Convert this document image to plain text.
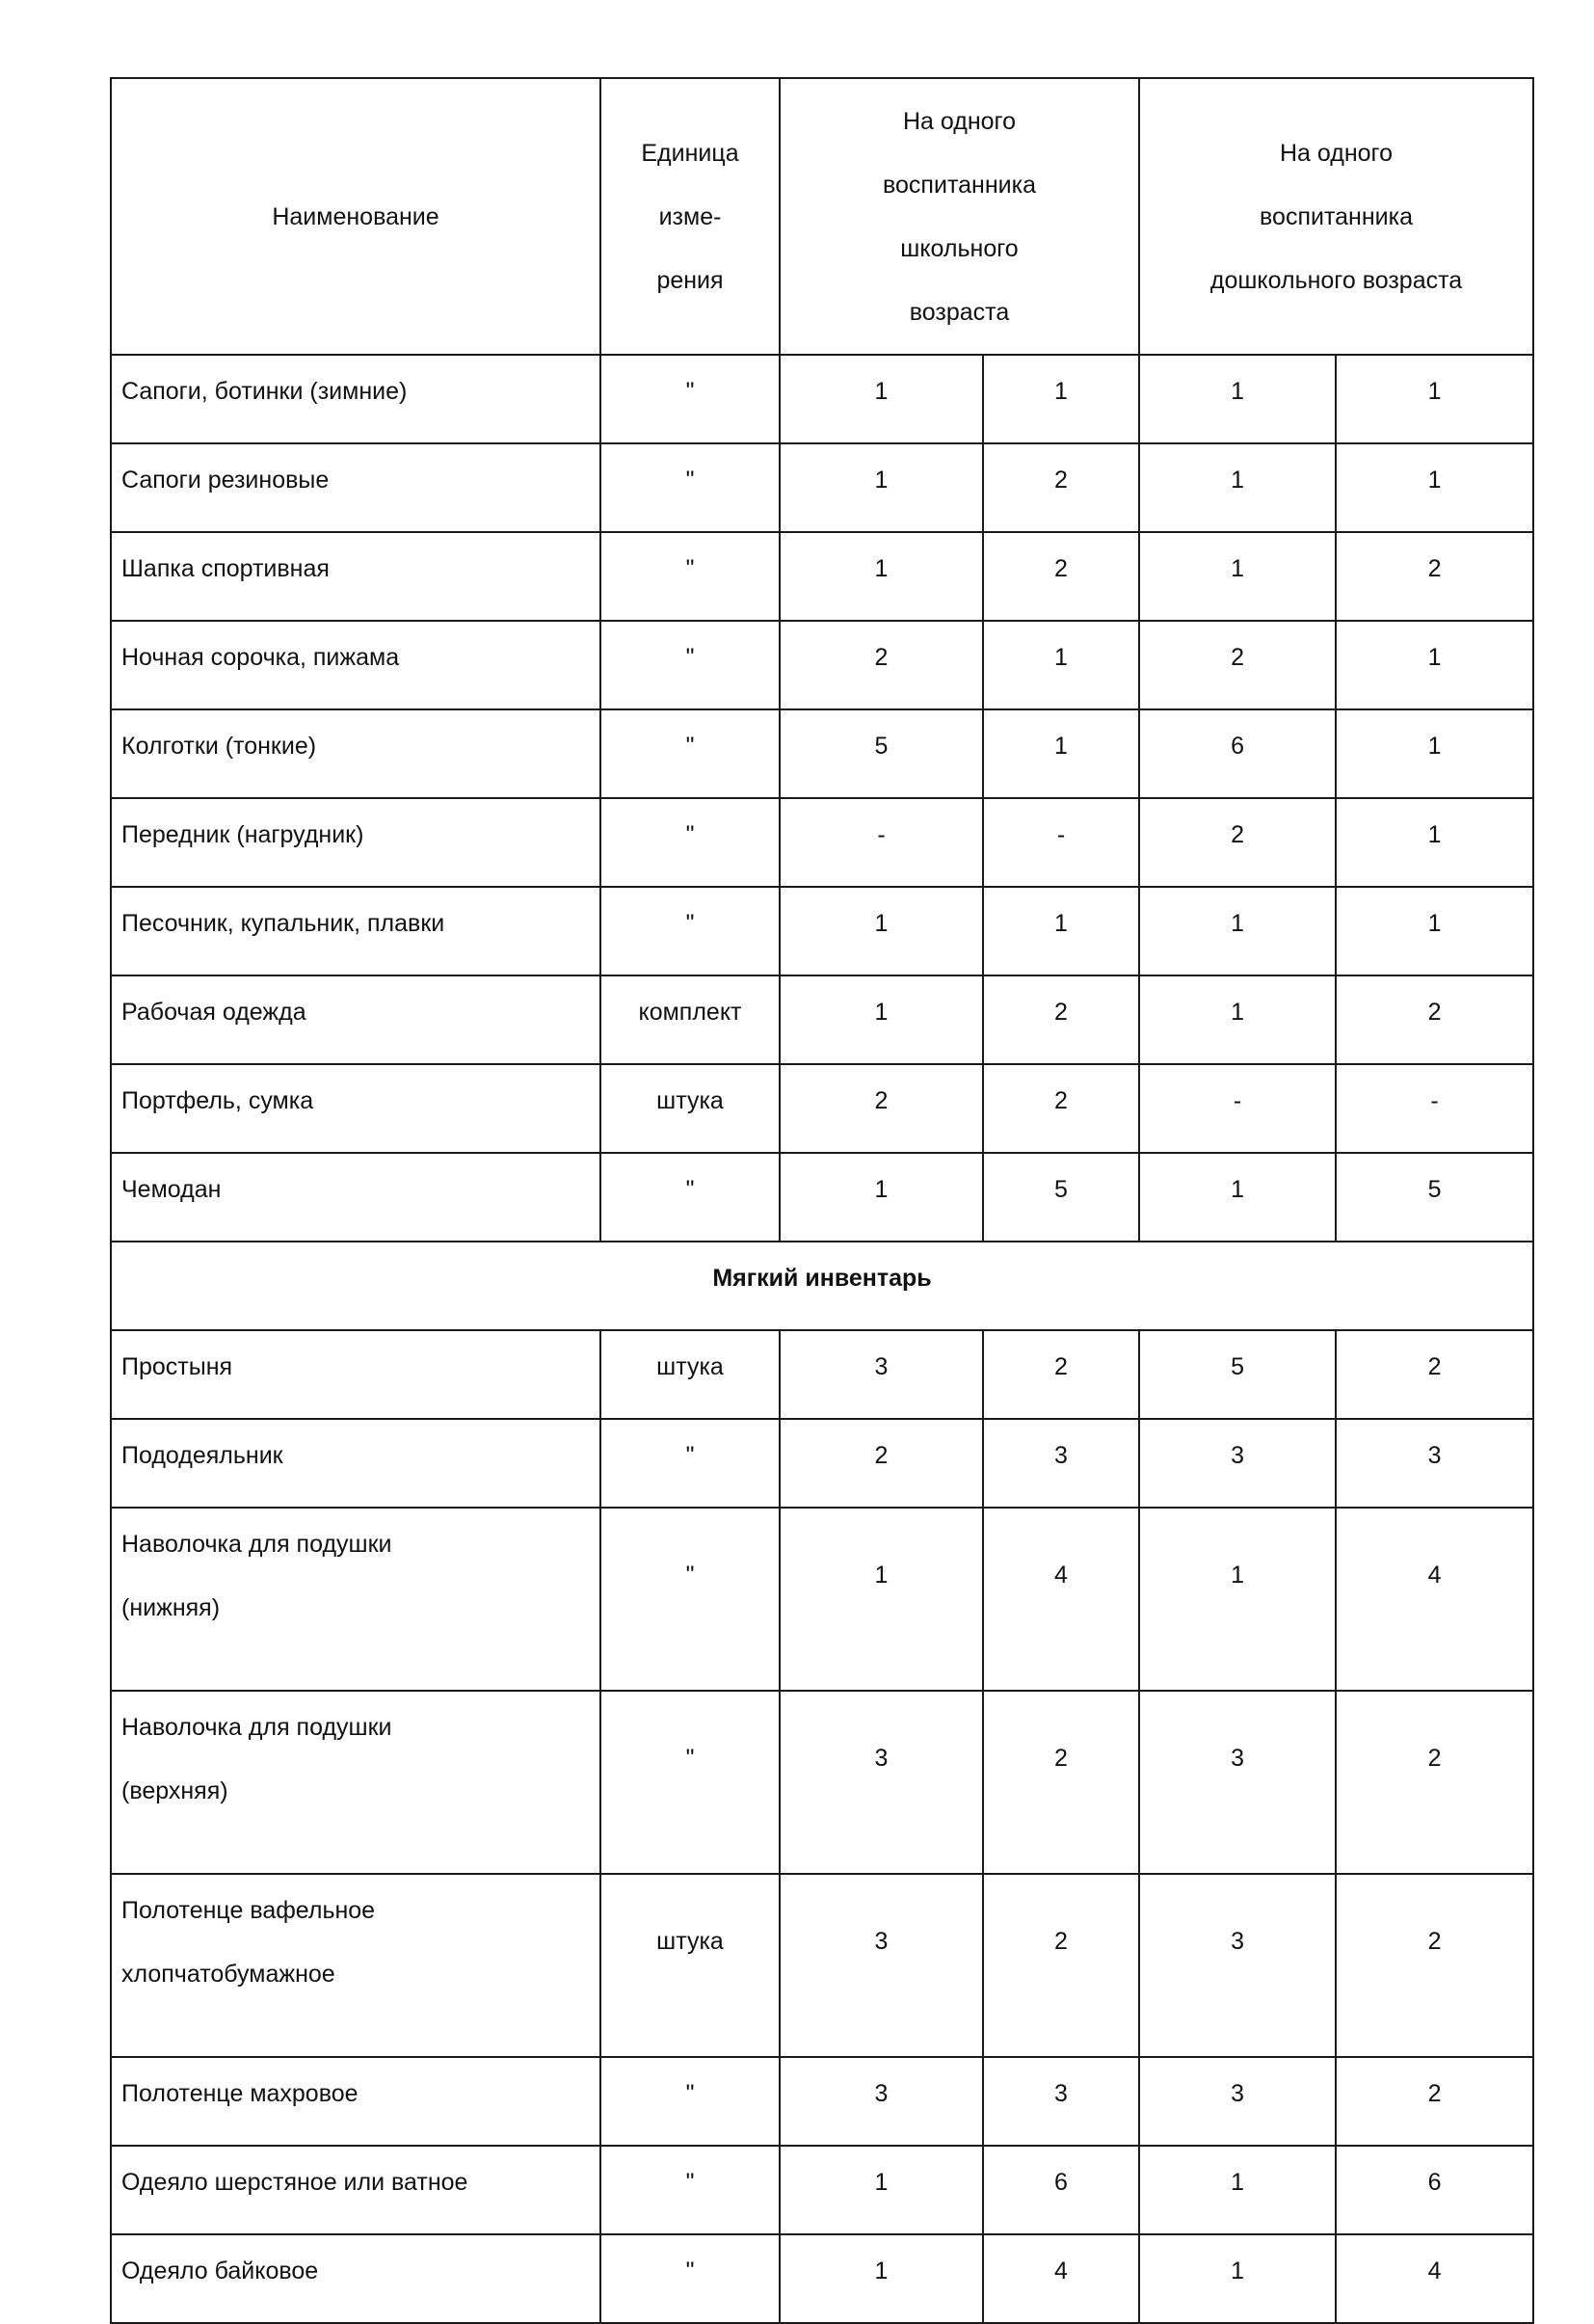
Наименование	Единица
изме-
рения	На одного
воспитанника
школьного
возраста		На одного
воспитанника
дошкольного возраста	

Сапоги, ботинки (зимние)	"	1	1	1	1

Сапоги резиновые	"	1	2	1	1

Шапка спортивная	"	1	2	1	2

Ночная сорочка, пижама	"	2	1	2	1

Колготки (тонкие)	"	5	1	6	1

Передник (нагрудник)	"	-	-	2	1

Песочник, купальник, плавки	"	1	1	1	1

Рабочая одежда	комплект	1	2	1	2

Портфель, сумка	штука	2	2	-	-

Чемодан	"	1	5	1	5
Мягкий инвентарь					

Простыня	штука	3	2	5	2

Пододеяльник	"	2	3	3	3

Наволочка для подушки
(нижняя)	"	1	4	1	4

Наволочка для подушки
(верхняя)	"	3	2	3	2

Полотенце вафельное
хлопчатобумажное	штука	3	2	3	2

Полотенце махровое	"	3	3	3	2

Одеяло шерстяное или ватное	"	1	6	1	6

Одеяло байковое	"	1	4	1	4
